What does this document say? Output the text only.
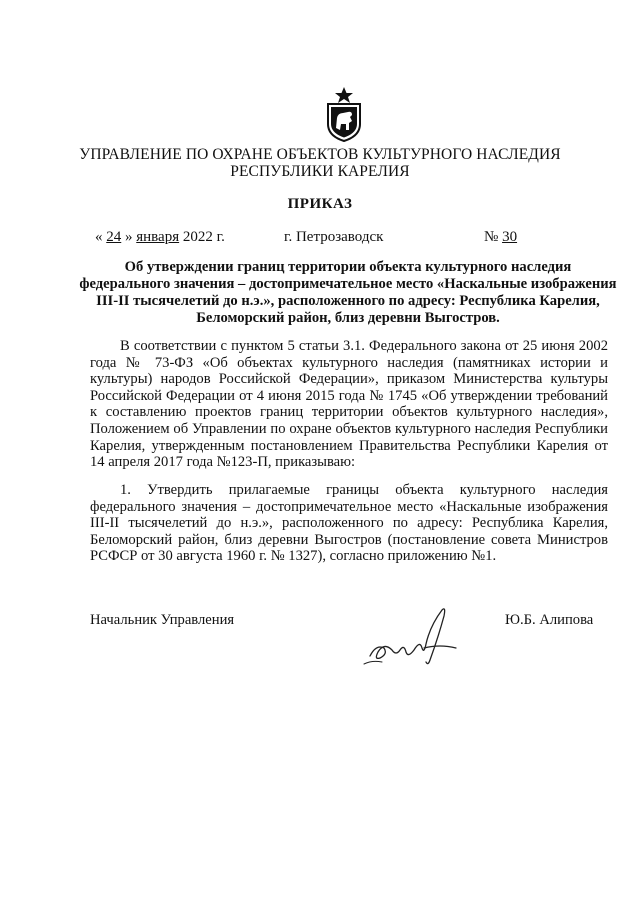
УПРАВЛЕНИЕ ПО ОХРАНЕ ОБЪЕКТОВ КУЛЬТУРНОГО НАСЛЕДИЯ
РЕСПУБЛИКИ КАРЕЛИЯ
ПРИКАЗ
« 24 » января 2022 г.	г. Петрозаводск	№ 30
Об утверждении границ территории объекта культурного наследия федерального значения – достопримечательное место «Наскальные изображения III-II тысячелетий до н.э.», расположенного по адресу: Республика Карелия, Беломорский район, близ деревни Выгостров.

В соответствии с пунктом 5 статьи 3.1. Федерального закона от 25 июня 2002 года № 73-ФЗ «Об объектах культурного наследия (памятниках истории и культуры) народов Российской Федерации», приказом Министерства культуры Российской Федерации от 4 июня 2015 года № 1745 «Об утверждении требований к составлению проектов границ территории объектов культурного наследия», Положением об Управлении по охране объектов культурного наследия Республики Карелия, утвержденным постановлением Правительства Республики Карелия от 14 апреля 2017 года №123-П, приказываю:

1. Утвердить прилагаемые границы объекта культурного наследия федерального значения – достопримечательное место «Наскальные изображения III-II тысячелетий до н.э.», расположенного по адресу: Республика Карелия, Беломорский район, близ деревни Выгостров (постановление совета Министров РСФСР от 30 августа 1960 г. № 1327), согласно приложению №1.

Начальник Управления	Ю.Б. Алипова
